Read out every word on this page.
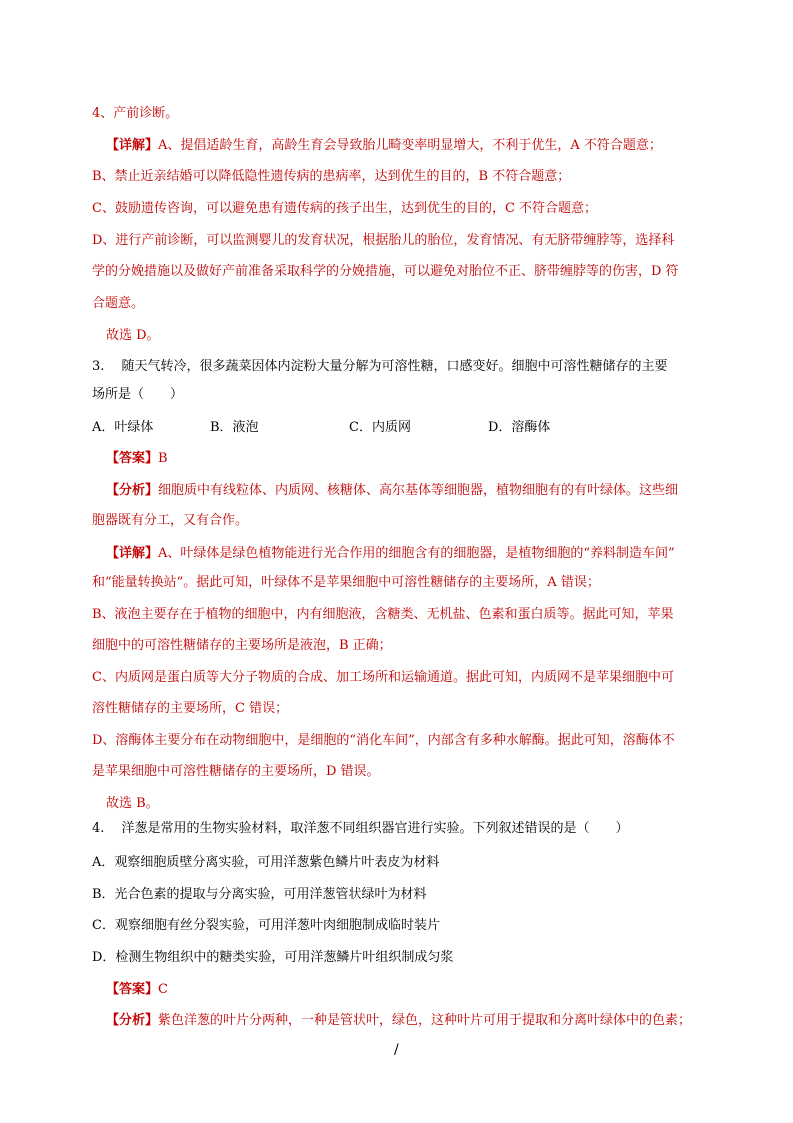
4、产前诊断。
【详解】A、提倡适龄生育，高龄生育会导致胎儿畸变率明显增大，不利于优生，A 不符合题意；
B、禁止近亲结婚可以降低隐性遗传病的患病率，达到优生的目的，B 不符合题意；
C、鼓励遗传咨询，可以避免患有遗传病的孩子出生，达到优生的目的，C 不符合题意；
D、进行产前诊断，可以监测婴儿的发育状况，根据胎儿的胎位，发育情况、有无脐带缠脖等，选择科
学的分娩措施以及做好产前准备采取科学的分娩措施，可以避免对胎位不正、脐带缠脖等的伤害，D 符
合题意。
故选 D。
3.　 随天气转冷，很多蔬菜因体内淀粉大量分解为可溶性糖，口感变好。细胞中可溶性糖储存的主要
场所是（　　）
A．叶绿体	B．液泡	C．内质网	D．溶酶体
【答案】B
【分析】细胞质中有线粒体、内质网、核糖体、高尔基体等细胞器，植物细胞有的有叶绿体。这些细
胞器既有分工，又有合作。
【详解】A、叶绿体是绿色植物能进行光合作用的细胞含有的细胞器，是植物细胞的“养料制造车间”
和“能量转换站”。据此可知，叶绿体不是苹果细胞中可溶性糖储存的主要场所，A 错误；
B、液泡主要存在于植物的细胞中，内有细胞液，含糖类、无机盐、色素和蛋白质等。据此可知，苹果
细胞中的可溶性糖储存的主要场所是液泡，B 正确；
C、内质网是蛋白质等大分子物质的合成、加工场所和运输通道。据此可知，内质网不是苹果细胞中可
溶性糖储存的主要场所，C 错误；
D、溶酶体主要分布在动物细胞中，是细胞的“消化车间”，内部含有多种水解酶。据此可知，溶酶体不
是苹果细胞中可溶性糖储存的主要场所，D 错误。
故选 B。
4.　 洋葱是常用的生物实验材料，取洋葱不同组织器官进行实验。下列叙述错误的是（　　）
A．观察细胞质壁分离实验，可用洋葱紫色鳞片叶表皮为材料
B．光合色素的提取与分离实验，可用洋葱管状绿叶为材料
C．观察细胞有丝分裂实验，可用洋葱叶肉细胞制成临时装片
D．检测生物组织中的糖类实验，可用洋葱鳞片叶组织制成匀浆
【答案】C
【分析】紫色洋葱的叶片分两种，一种是管状叶，绿色，这种叶片可用于提取和分离叶绿体中的色素；
/
